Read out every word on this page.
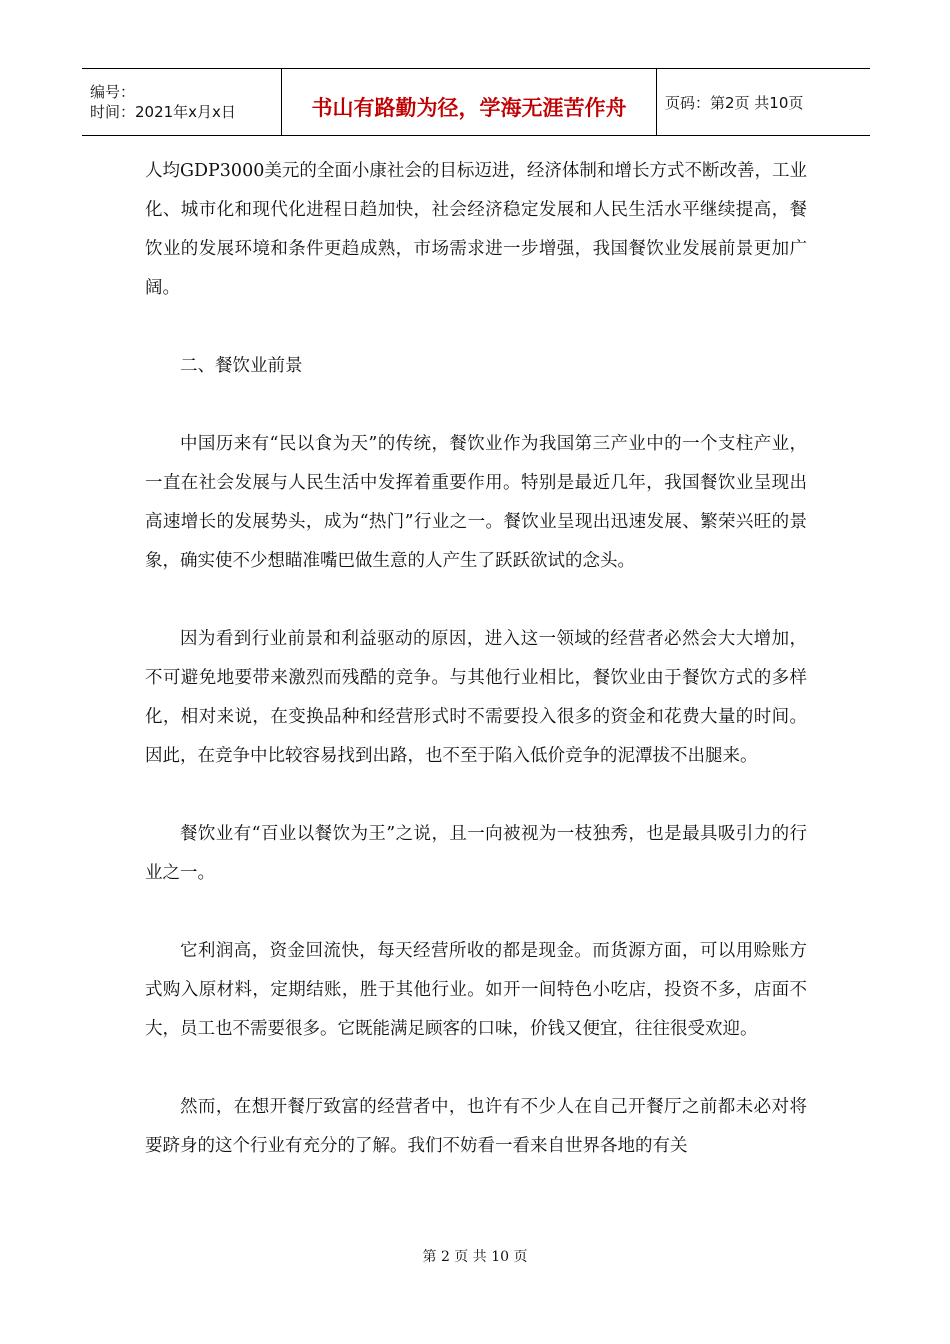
编号：
时间：2021年x月x日	书山有路勤为径，学海无涯苦作舟	页码：第2页 共10页

人均GDP3000美元的全面小康社会的目标迈进，经济体制和增长方式不断改善，工业化、城市化和现代化进程日趋加快，社会经济稳定发展和人民生活水平继续提高，餐饮业的发展环境和条件更趋成熟，市场需求进一步增强，我国餐饮业发展前景更加广阔。

二、餐饮业前景

中国历来有“民以食为天”的传统，餐饮业作为我国第三产业中的一个支柱产业，一直在社会发展与人民生活中发挥着重要作用。特别是最近几年，我国餐饮业呈现出高速增长的发展势头，成为“热门”行业之一。餐饮业呈现出迅速发展、繁荣兴旺的景象，确实使不少想瞄准嘴巴做生意的人产生了跃跃欲试的念头。

因为看到行业前景和利益驱动的原因，进入这一领域的经营者必然会大大增加，不可避免地要带来激烈而残酷的竞争。与其他行业相比，餐饮业由于餐饮方式的多样化，相对来说，在变换品种和经营形式时不需要投入很多的资金和花费大量的时间。因此，在竞争中比较容易找到出路，也不至于陷入低价竞争的泥潭拔不出腿来。

餐饮业有“百业以餐饮为王”之说，且一向被视为一枝独秀，也是最具吸引力的行业之一。

它利润高，资金回流快，每天经营所收的都是现金。而货源方面，可以用赊账方式购入原材料，定期结账，胜于其他行业。如开一间特色小吃店，投资不多，店面不大，员工也不需要很多。它既能满足顾客的口味，价钱又便宜，往往很受欢迎。

然而，在想开餐厅致富的经营者中，也许有不少人在自己开餐厅之前都未必对将要跻身的这个行业有充分的了解。我们不妨看一看来自世界各地的有关

第 2 页 共 10 页
